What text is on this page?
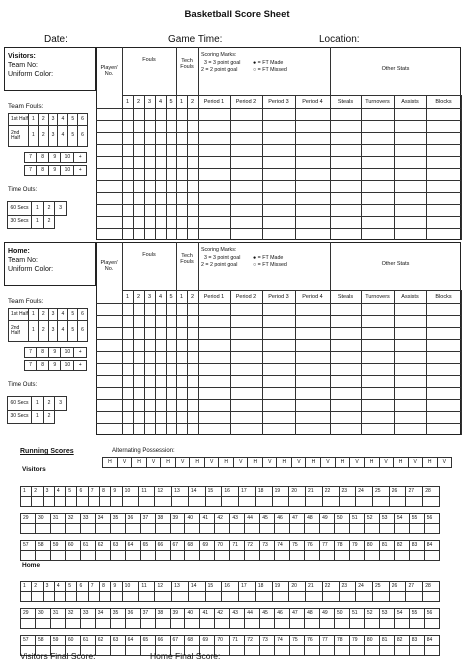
Basketball Score Sheet
Date:	Game Time:	Location:
Visitors:
Team No:
Uniform Color:
Player/ No.
Fouls	Tech Fouls
Scoring Marks:
3 = 3 point goal	● = FT Made
2 = 2 point goal	○ = FT Missed	Other Stats
1	2	3	4	5	1	2	Period 1	Period 2	Period 3	Period 4	Steals	Turnovers	Assists	Blocks
Team Fouls:
1st Half	1	2	3	4	5	6
2nd Half	1	2	3	4	5	6
7	8	9	10	+
7	8	9	10	+
Time Outs:
60 Secs	1	2	3
30 Secs	1	2	
Home:
Team No:
Uniform Color:
Player/ No.
Fouls	Tech Fouls
Scoring Marks:
3 = 3 point goal	● = FT Made
2 = 2 point goal	○ = FT Missed	Other Stats
1	2	3	4	5	1	2	Period 1	Period 2	Period 3	Period 4	Steals	Turnovers	Assists	Blocks
Team Fouls:
1st Half	1	2	3	4	5	6
2nd Half	1	2	3	4	5	6
7	8	9	10	+
7	8	9	10	+
Time Outs:
60 Secs	1	2	3
30 Secs	1	2	
Running Scores	Alternating Possession:
H	V	H	V	H	V	H	V	H	V	H	V	H	V	H	V	H	V	H	V	H	V	H	V
Visitors
1	2	3	4	5	6	7	8	9	10	11	12	13	14	15	16	17	18	19	20	21	22	23	24	25	26	27	28

29	30	31	32	33	34	35	36	37	38	39	40	41	42	43	44	45	46	47	48	49	50	51	52	53	54	55	56

57	58	59	60	61	62	63	64	65	66	67	68	69	70	71	72	73	74	75	76	77	78	79	80	81	82	83	84

Home
1	2	3	4	5	6	7	8	9	10	11	12	13	14	15	16	17	18	19	20	21	22	23	24	25	26	27	28

29	30	31	32	33	34	35	36	37	38	39	40	41	42	43	44	45	46	47	48	49	50	51	52	53	54	55	56

57	58	59	60	61	62	63	64	65	66	67	68	69	70	71	72	73	74	75	76	77	78	79	80	81	82	83	84

Visitors Final Score:	Home Final Score:
